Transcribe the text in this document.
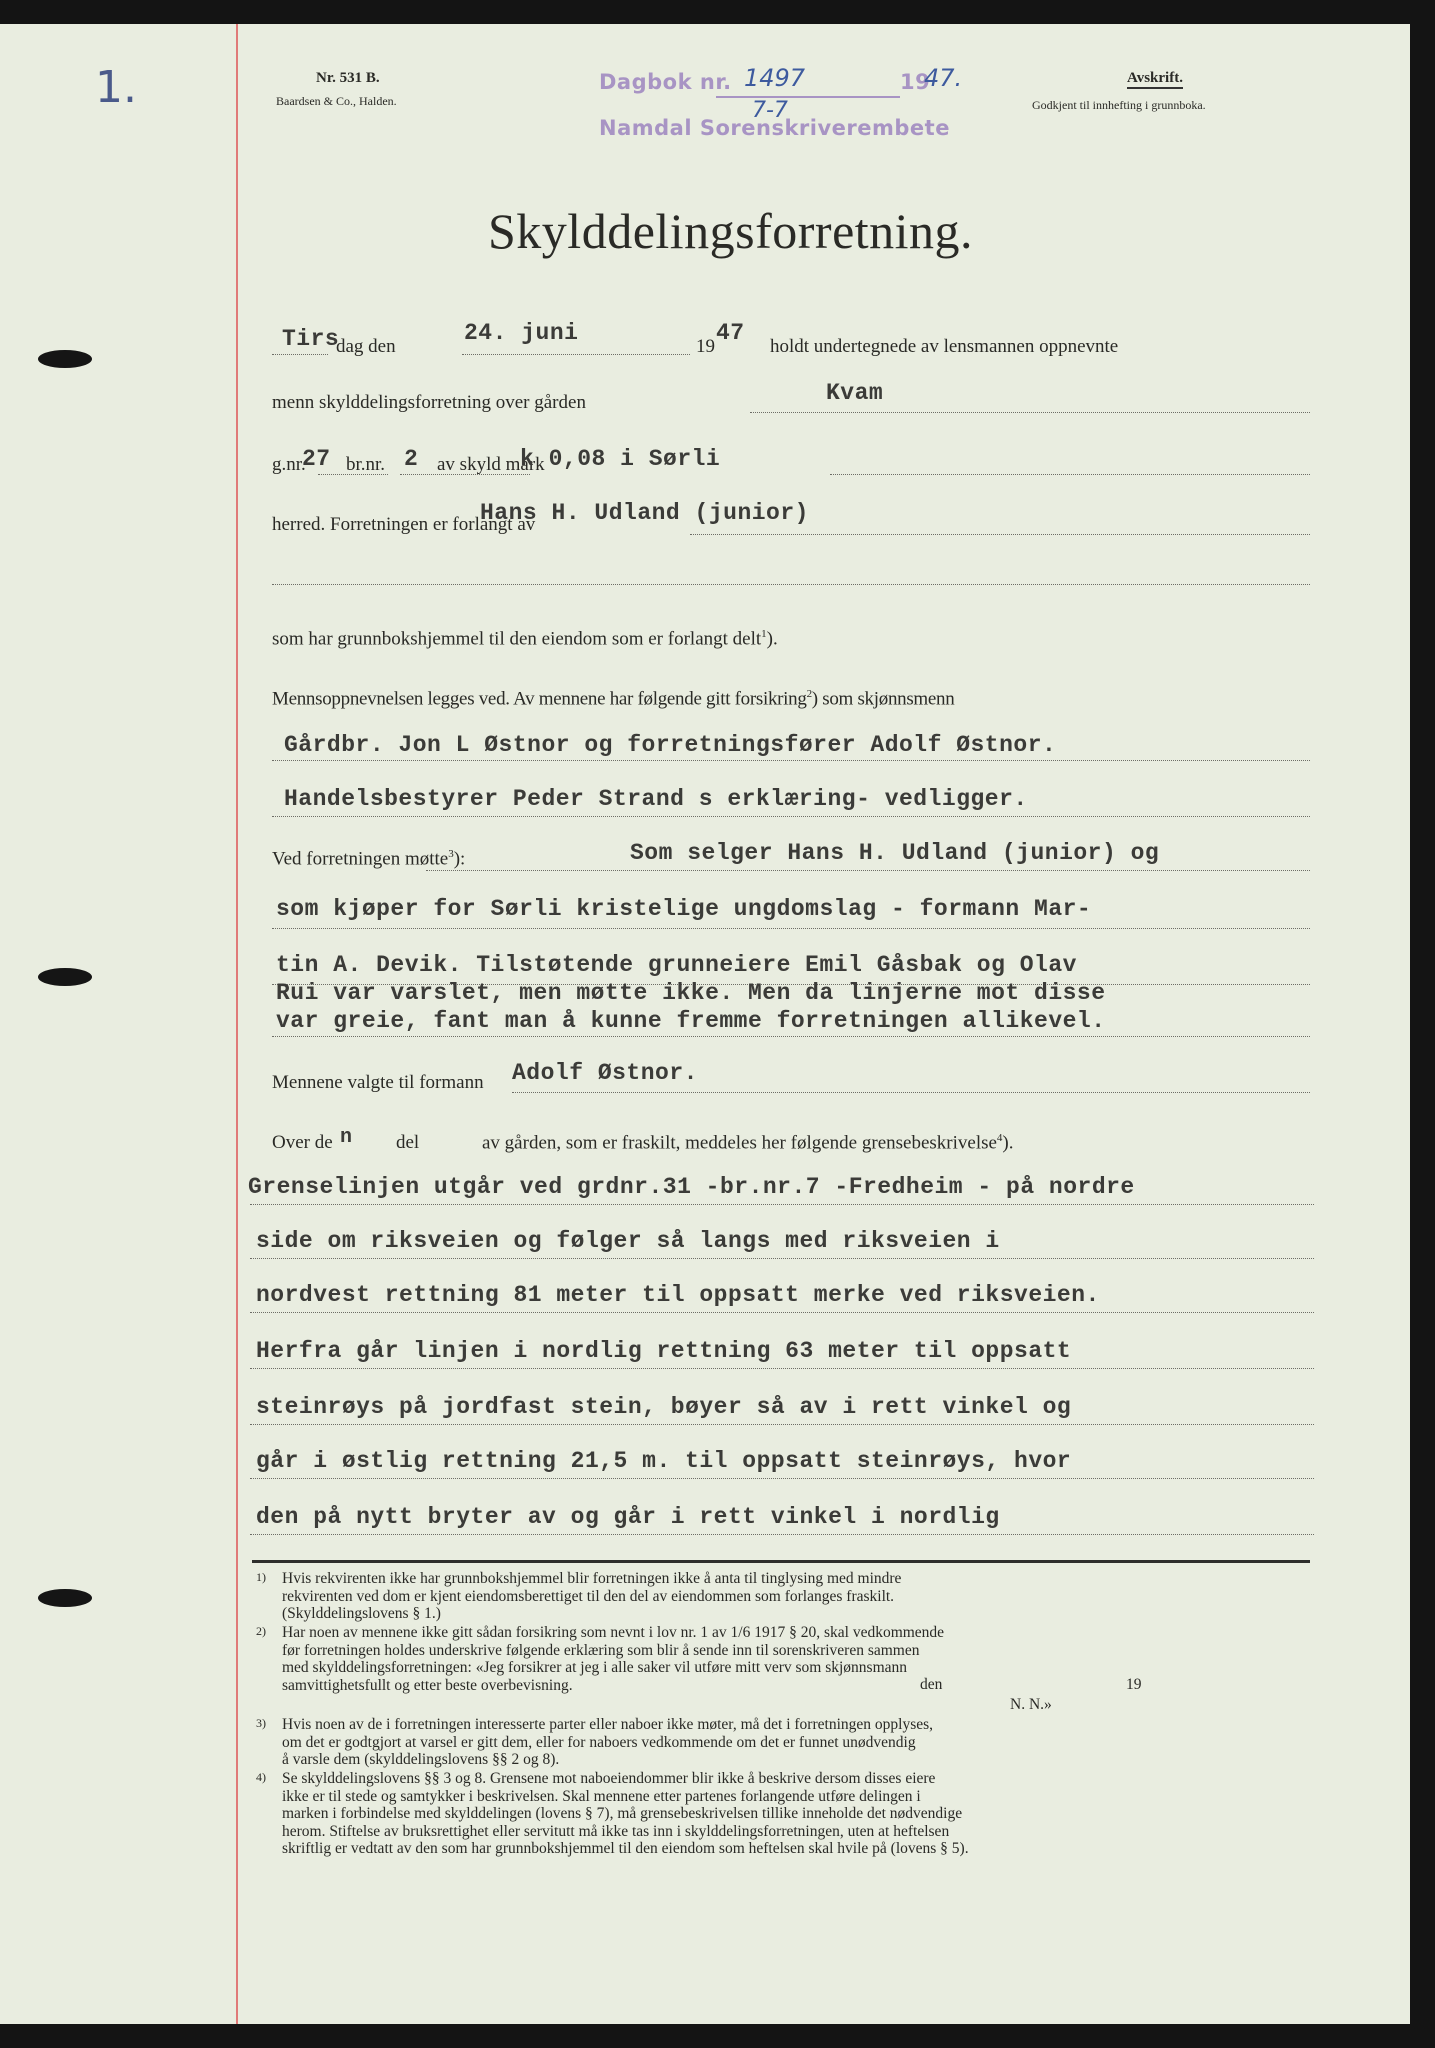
1.	Nr. 531 B.
Baardsen & Co., Halden.
Dagbok nr. 1497	19
47.
7-7
Namdal Sorenskriverembete
Avskrift.
Godkjent til innhefting i grunnboka.
Skylddelingsforretning.
Tirs
dag den
24. juni
19
47
holdt undertegnede av lensmannen oppnevnte
menn skylddelingsforretning over gården	Kvam
g.nr.
27 br.nr. 2 av skyld mark
k 0,08 i Sørli
herred. Forretningen er forlangt av
Hans H. Udland (junior)
som har grunnbokshjemmel til den eiendom som er forlangt delt$^1$).
Mennsoppnevnelsen legges ved. Av mennene har følgende gitt forsikring$^2$) som skjønnsmenn
Gårdbr. Jon L Østnor og forretningsfører Adolf Østnor.
Handelsbestyrer Peder Strand s erklæring- vedligger.
Ved forretningen møtte$^3$):	Som selger Hans H. Udland (junior) og
som kjøper for Sørli kristelige ungdomslag - formann Mar-
tin A. Devik. Tilstøtende grunneiere Emil Gåsbak og Olav
Rui var varslet, men møtte ikke. Men da linjerne mot disse
var greie, fant man å kunne fremme forretningen allikevel.
Mennene valgte til formann Adolf Østnor.
Over de n del	av gården, som er fraskilt, meddeles her følgende grensebeskrivelse$^4$).
Grenselinjen utgår ved grdnr.31 -br.nr.7 -Fredheim - på nordre
side om riksveien og følger så langs med riksveien i
nordvest rettning 81 meter til oppsatt merke ved riksveien.
Herfra går linjen i nordlig rettning 63 meter til oppsatt
steinrøys på jordfast stein, bøyer så av i rett vinkel og
går i østlig rettning 21,5 m. til oppsatt steinrøys, hvor
den på nytt bryter av og går i rett vinkel i nordlig
1) Hvis rekvirenten ikke har grunnbokshjemmel blir forretningen ikke å anta til tinglysing med mindre
rekvirenten ved dom er kjent eiendomsberettiget til den del av eiendommen som forlanges fraskilt.
(Skylddelingslovens § 1.)
2) Har noen av mennene ikke gitt sådan forsikring som nevnt i lov nr. 1 av 1/6 1917 § 20, skal vedkommende
før forretningen holdes underskrive følgende erklæring som blir å sende inn til sorenskriveren sammen
med skylddelingsforretningen: «Jeg forsikrer at jeg i alle saker vil utføre mitt verv som skjønnsmann
samvittighetsfullt og etter beste overbevisning.	den	19
N. N.»
3) Hvis noen av de i forretningen interesserte parter eller naboer ikke møter, må det i forretningen opplyses,
om det er godtgjort at varsel er gitt dem, eller for naboers vedkommende om det er funnet unødvendig
å varsle dem (skylddelingslovens §§ 2 og 8).
4) Se skylddelingslovens §§ 3 og 8. Grensene mot naboeiendommer blir ikke å beskrive dersom disses eiere
ikke er til stede og samtykker i beskrivelsen. Skal mennene etter partenes forlangende utføre delingen i
marken i forbindelse med skylddelingen (lovens § 7), må grensebeskrivelsen tillike inneholde det nødvendige
herom. Stiftelse av bruksrettighet eller servitutt må ikke tas inn i skylddelingsforretningen, uten at heftelsen
skriftlig er vedtatt av den som har grunnbokshjemmel til den eiendom som heftelsen skal hvile på (lovens § 5).
